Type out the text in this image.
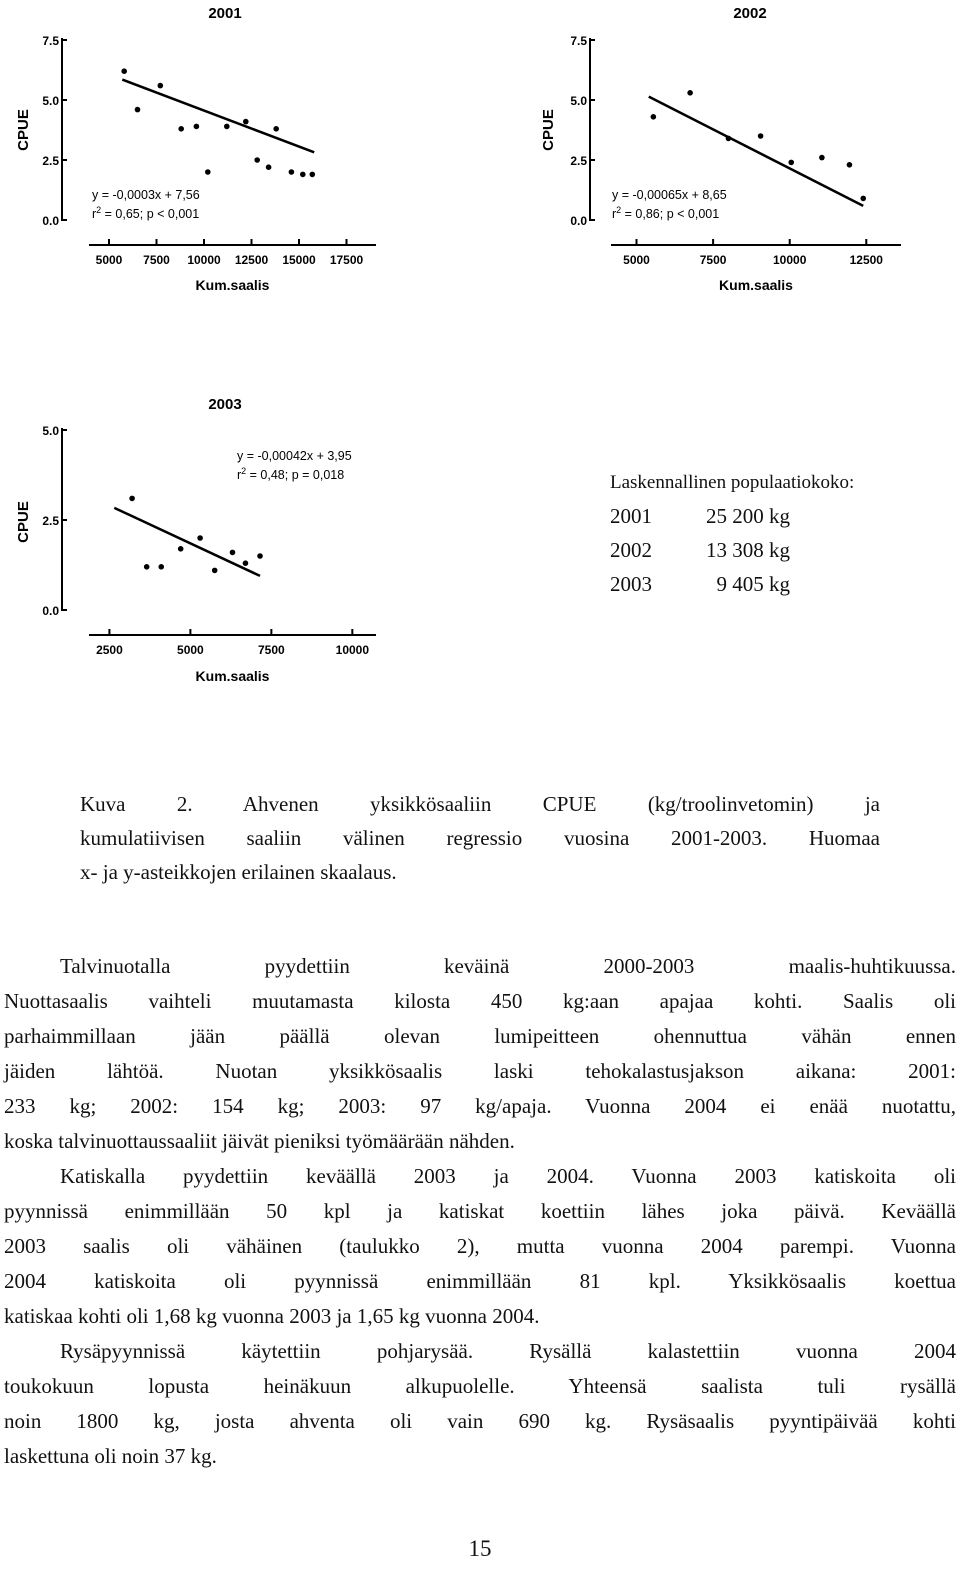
2001
CPUE
0.0
2.5
5.0
7.5
5000 7500 10000 12500 15000 17500
Kum.saalis
y = -0,0003x + 7,56
$r^2 = 0,65$; p < 0,001
2002
CPUE
0.0
2.5
5.0
7.5
5000	7500	10000	12500
Kum.saalis
y = -0,00065x + 8,65
$r^2 = 0,86$; p < 0,001
2003
CPUE
0.0
2.5
5.0
2500	5000	7500	10000
Kum.saalis
y = -0,00042x + 3,95
$r^2 = 0,48$; p = 0,018	Laskennallinen populaatiokoko:
2001	25 200 kg
2002	13 308 kg
2003	9 405 kg
Kuva 2. Ahvenen yksikkösaaliin CPUE (kg/troolinvetomin) ja
kumulatiivisen saaliin välinen regressio vuosina 2001-2003. Huomaa
x- ja y-asteikkojen erilainen skaalaus.
Talvinuotalla pyydettiin keväinä 2000-2003 maalis-huhtikuussa.
Nuottasaalis vaihteli muutamasta kilosta 450 kg:aan apajaa kohti. Saalis oli
parhaimmillaan jään päällä olevan lumipeitteen ohennuttua vähän ennen
jäiden lähtöä. Nuotan yksikkösaalis laski tehokalastusjakson aikana: 2001:
233 kg; 2002: 154 kg; 2003: 97 kg/apaja. Vuonna 2004 ei enää nuotattu,
koska talvinuottaussaaliit jäivät pieniksi työmäärään nähden.
Katiskalla pyydettiin keväällä 2003 ja 2004. Vuonna 2003 katiskoita oli
pyynnissä enimmillään 50 kpl ja katiskat koettiin lähes joka päivä. Keväällä
2003 saalis oli vähäinen (taulukko 2), mutta vuonna 2004 parempi. Vuonna
2004 katiskoita oli pyynnissä enimmillään 81 kpl. Yksikkösaalis koettua
katiskaa kohti oli 1,68 kg vuonna 2003 ja 1,65 kg vuonna 2004.
Rysäpyynnissä käytettiin pohjarysää. Rysällä kalastettiin vuonna 2004
toukokuun lopusta heinäkuun alkupuolelle. Yhteensä saalista tuli rysällä
noin 1800 kg, josta ahventa oli vain 690 kg. Rysäsaalis pyyntipäivää kohti
laskettuna oli noin 37 kg.
15
